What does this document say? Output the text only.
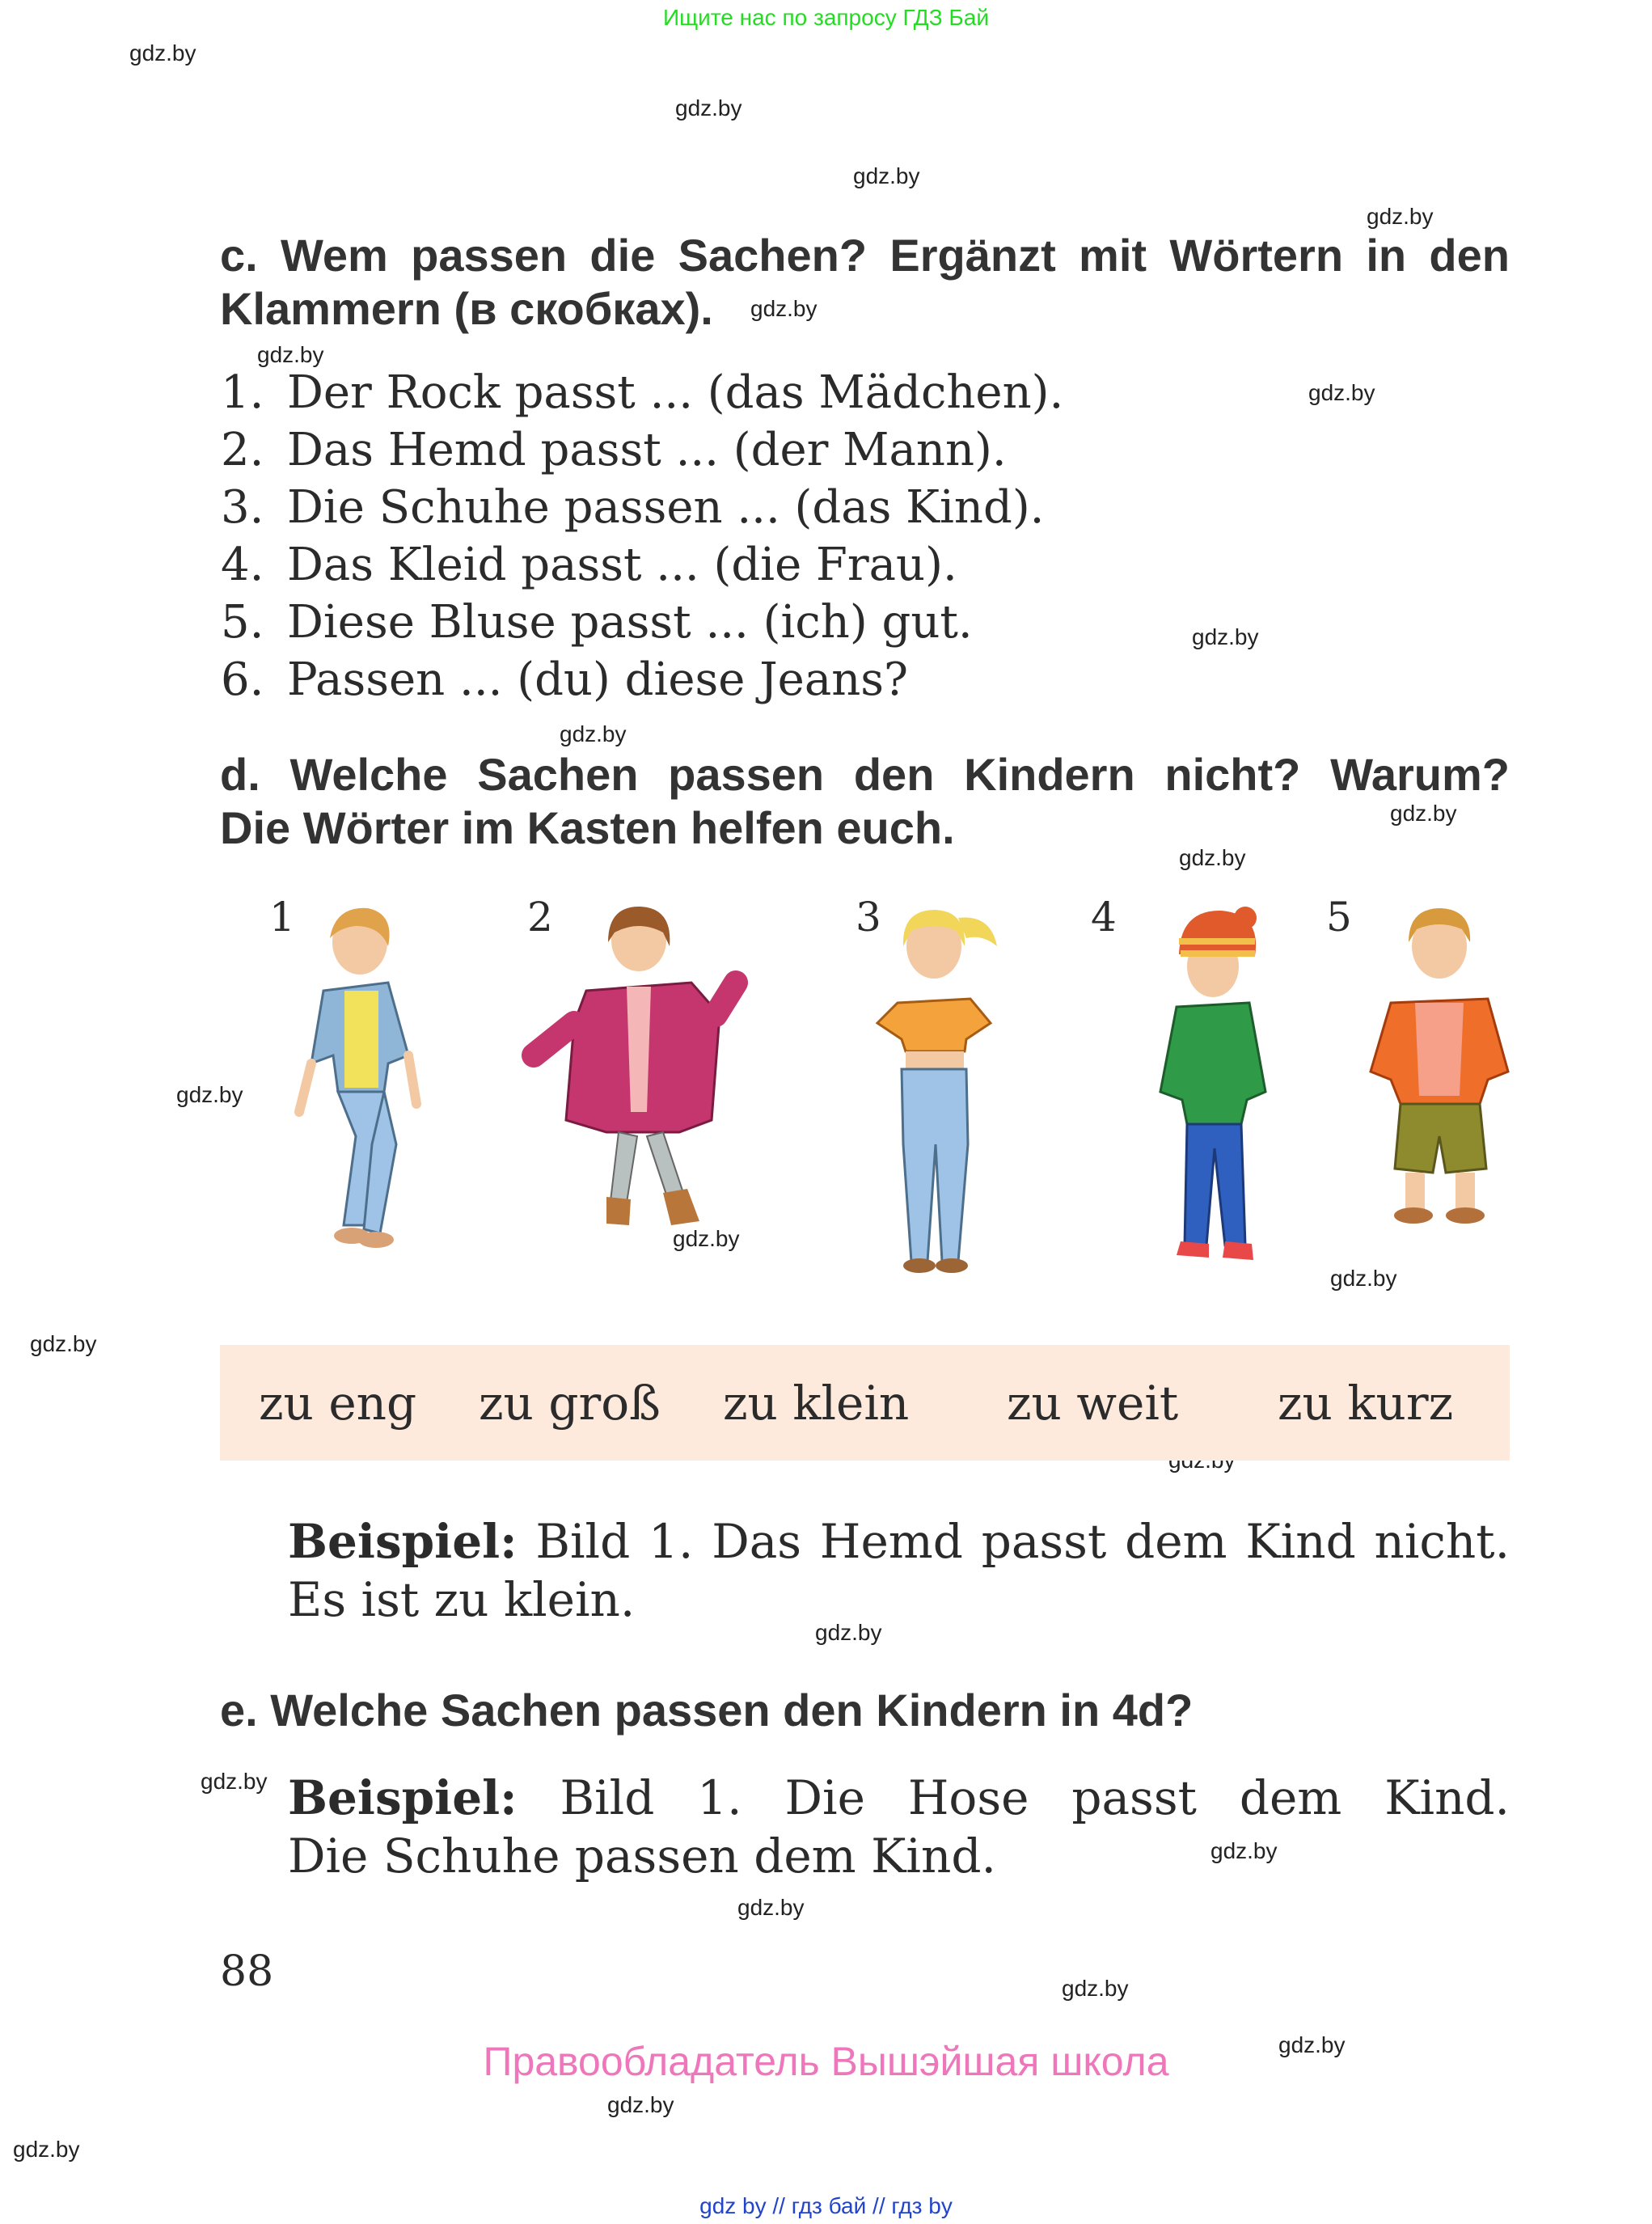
Ищите нас по запросу ГДЗ Бай
gdz.by
gdz.by
gdz.by
gdz.by
gdz.by
gdz.by
gdz.by
gdz.by
gdz.by
gdz.by
gdz.by
gdz.by
gdz.by
gdz.by
gdz.by
gdz.by
gdz.by
gdz.by
gdz.by
gdz.by
gdz.by
gdz.by
gdz.by
c. Wem passen die Sachen? Ergänzt mit Wörtern in den
Klammern (в скобках).
1. Der Rock passt ... (das Mädchen).
2. Das Hemd passt ... (der Mann).
3. Die Schuhe passen ... (das Kind).
4. Das Kleid passt ... (die Frau).
5. Diese Bluse passt ... (ich) gut.
6. Passen ... (du) diese Jeans?
d. Welche Sachen passen den Kindern nicht? Warum?
Die Wörter im Kasten helfen euch.
1	2	3	4	5
zu eng zu groß zu klein zu weit zu kurz
Beispiel: Bild 1. Das Hemd passt dem Kind nicht.
Es ist zu klein.
e. Welche Sachen passen den Kindern in 4d?
Beispiel: Bild 1. Die Hose passt dem Kind.
Die Schuhe passen dem Kind.
88
Правообладатель Вышэйшая школа
gdz by // гдз бай // гдз by
